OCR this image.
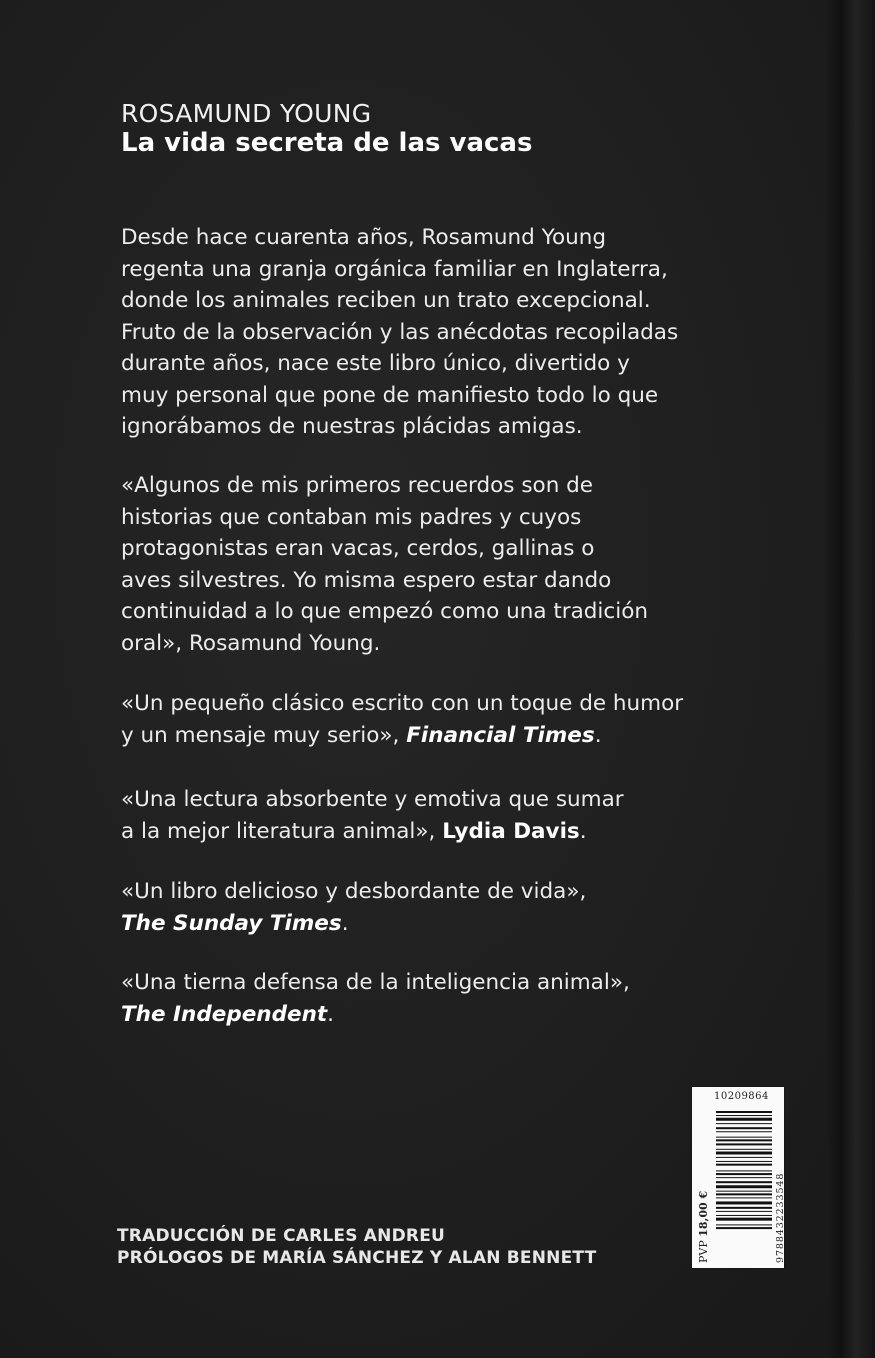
ROSAMUND YOUNG
La vida secreta de las vacas
Desde hace cuarenta años, Rosamund Young
regenta una granja orgánica familiar en Inglaterra,
donde los animales reciben un trato excepcional.
Fruto de la observación y las anécdotas recopiladas
durante años, nace este libro único, divertido y
muy personal que pone de manifiesto todo lo que
ignorábamos de nuestras plácidas amigas.
«Algunos de mis primeros recuerdos son de
historias que contaban mis padres y cuyos
protagonistas eran vacas, cerdos, gallinas o
aves silvestres. Yo misma espero estar dando
continuidad a lo que empezó como una tradición
oral», Rosamund Young.
«Un pequeño clásico escrito con un toque de humor
y un mensaje muy serio», Financial Times.
«Una lectura absorbente y emotiva que sumar
a la mejor literatura animal», Lydia Davis.
«Un libro delicioso y desbordante de vida»,
The Sunday Times.
«Una tierna defensa de la inteligencia animal»,
The Independent.
TRADUCCIÓN DE CARLES ANDREU
PRÓLOGOS DE MARÍA SÁNCHEZ Y ALAN BENNETT
10209864
PVP 18,00 €	9788432233548
